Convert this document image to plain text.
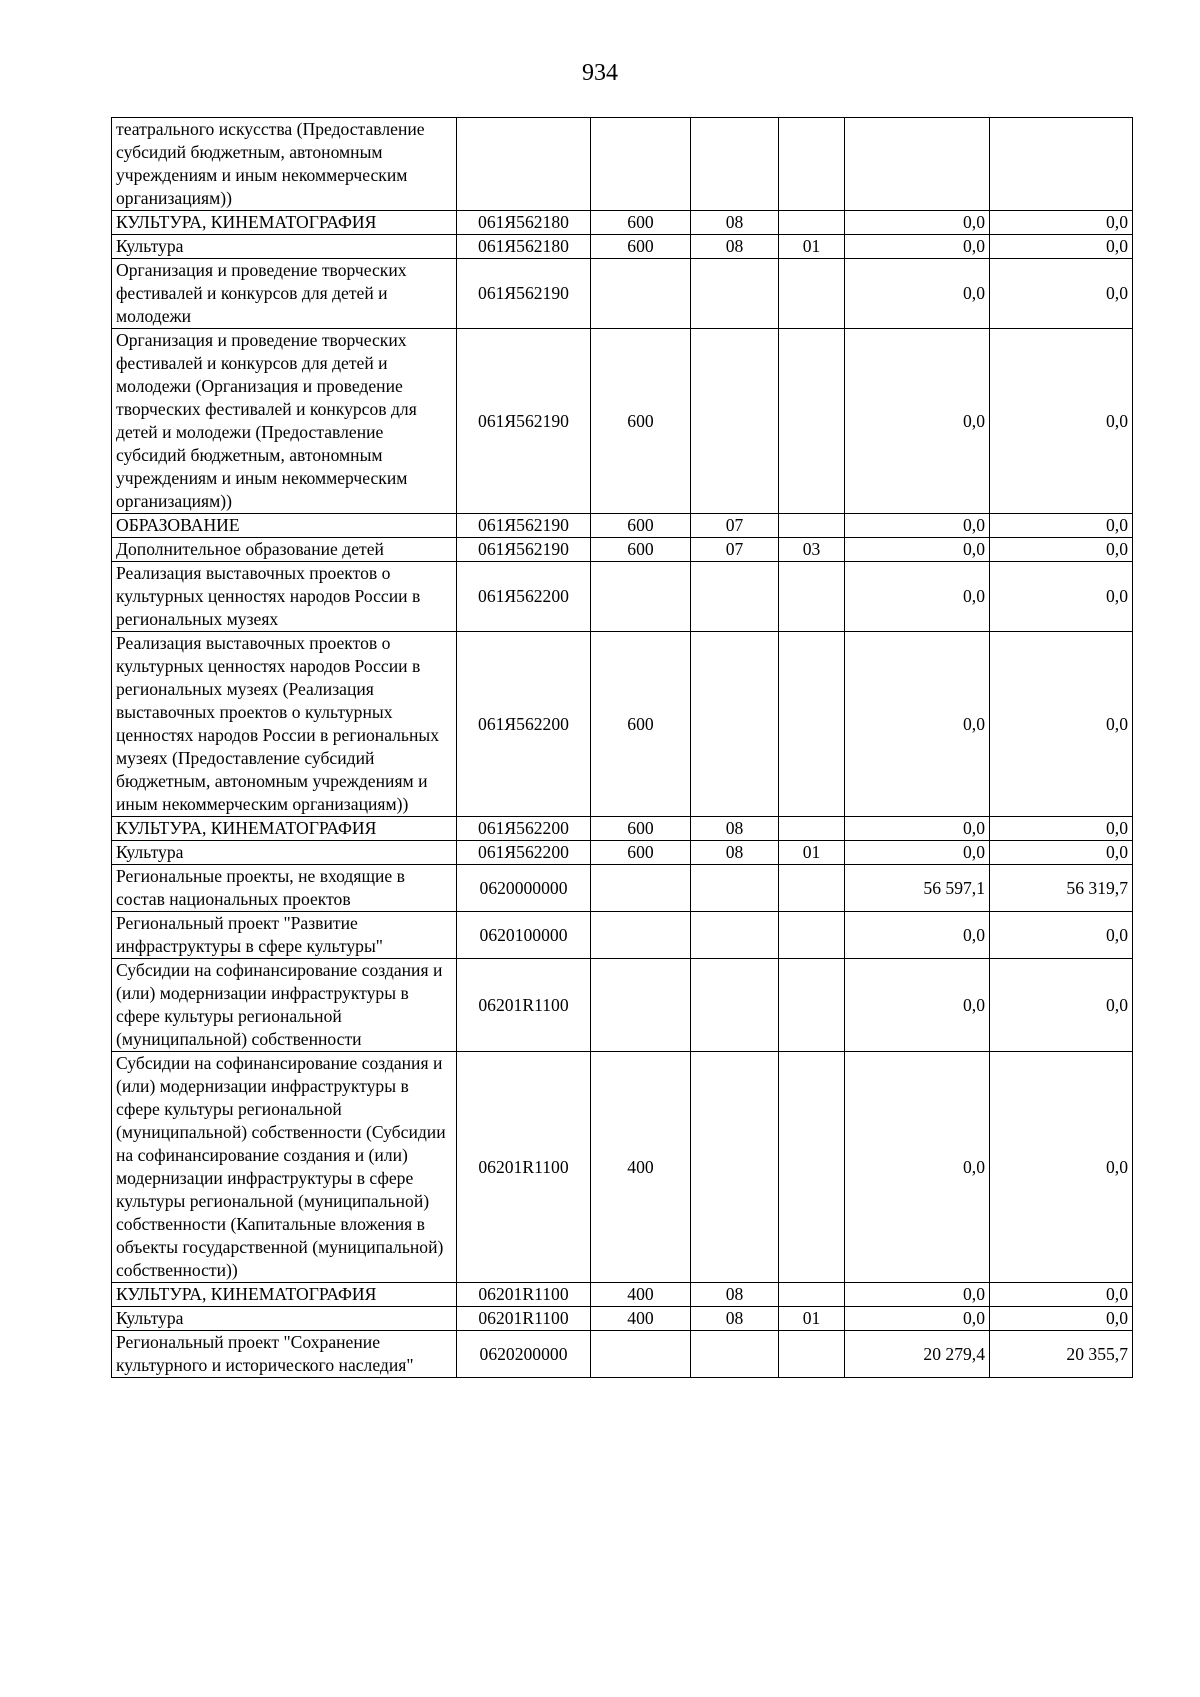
934
театрального искусства (Предоставление субсидий бюджетным, автономным учреждениям и иным некоммерческим организациям))						
КУЛЬТУРА, КИНЕМАТОГРАФИЯ	061Я562180	600	08		0,0	0,0
Культура	061Я562180	600	08	01	0,0	0,0
Организация и проведение творческих фестивалей и конкурсов для детей и молодежи	061Я562190				0,0	0,0
Организация и проведение творческих фестивалей и конкурсов для детей и молодежи (Организация и проведение творческих фестивалей и конкурсов для детей и молодежи (Предоставление субсидий бюджетным, автономным учреждениям и иным некоммерческим организациям))	061Я562190	600			0,0	0,0
ОБРАЗОВАНИЕ	061Я562190	600	07		0,0	0,0
Дополнительное образование детей	061Я562190	600	07	03	0,0	0,0
Реализация выставочных проектов о культурных ценностях народов России в региональных музеях	061Я562200				0,0	0,0
Реализация выставочных проектов о культурных ценностях народов России в региональных музеях (Реализация выставочных проектов о культурных ценностях народов России в региональных музеях (Предоставление субсидий бюджетным, автономным учреждениям и иным некоммерческим организациям))	061Я562200	600			0,0	0,0
КУЛЬТУРА, КИНЕМАТОГРАФИЯ	061Я562200	600	08		0,0	0,0
Культура	061Я562200	600	08	01	0,0	0,0
Региональные проекты, не входящие в состав национальных проектов	0620000000				56 597,1	56 319,7
Региональный проект "Развитие инфраструктуры в сфере культуры"	0620100000				0,0	0,0
Субсидии на софинансирование создания и (или) модернизации инфраструктуры в сфере культуры региональной (муниципальной) собственности	06201R1100				0,0	0,0
Субсидии на софинансирование создания и (или) модернизации инфраструктуры в сфере культуры региональной (муниципальной) собственности (Субсидии на софинансирование создания и (или) модернизации инфраструктуры в сфере культуры региональной (муниципальной) собственности (Капитальные вложения в объекты государственной (муниципальной) собственности))	06201R1100	400			0,0	0,0
КУЛЬТУРА, КИНЕМАТОГРАФИЯ	06201R1100	400	08		0,0	0,0
Культура	06201R1100	400	08	01	0,0	0,0
Региональный проект "Сохранение культурного и исторического наследия"	0620200000				20 279,4	20 355,7
